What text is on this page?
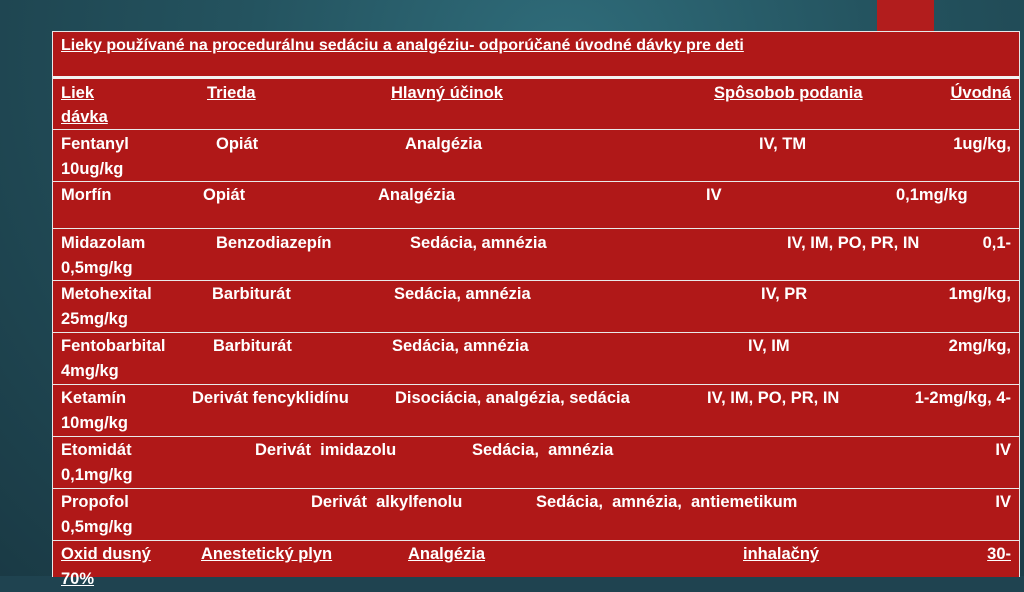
Lieky používané na procedurálnu sedáciu a analgéziu- odporúčané úvodné dávky pre deti
Liek	Trieda	Hlavný účinok	Spôsobob podania	Úvodná
dávka
Fentanyl	Opiát	Analgézia	IV, TM	1ug/kg,
10ug/kg
Morfín	Opiát	Analgézia	IV	0,1mg/kg
Midazolam	Benzodiazepín	Sedácia, amnézia	IV, IM, PO, PR, IN	0,1-
0,5mg/kg
Metohexital	Barbiturát	Sedácia, amnézia	IV, PR	1mg/kg,
25mg/kg
Fentobarbital	Barbiturát	Sedácia, amnézia	IV, IM	2mg/kg,
4mg/kg
Ketamín	Derivát fencyklidínu	Disociácia, analgézia, sedácia	IV, IM, PO, PR, IN	1-2mg/kg, 4-
10mg/kg
Etomidát	Derivát  imidazolu	Sedácia,  amnézia	IV
0,1mg/kg
Propofol	Derivát  alkylfenolu	Sedácia,  amnézia,  antiemetikum	IV
0,5mg/kg
Oxid dusný	Anestetický plyn	Analgézia	inhalačný	30-
70%
